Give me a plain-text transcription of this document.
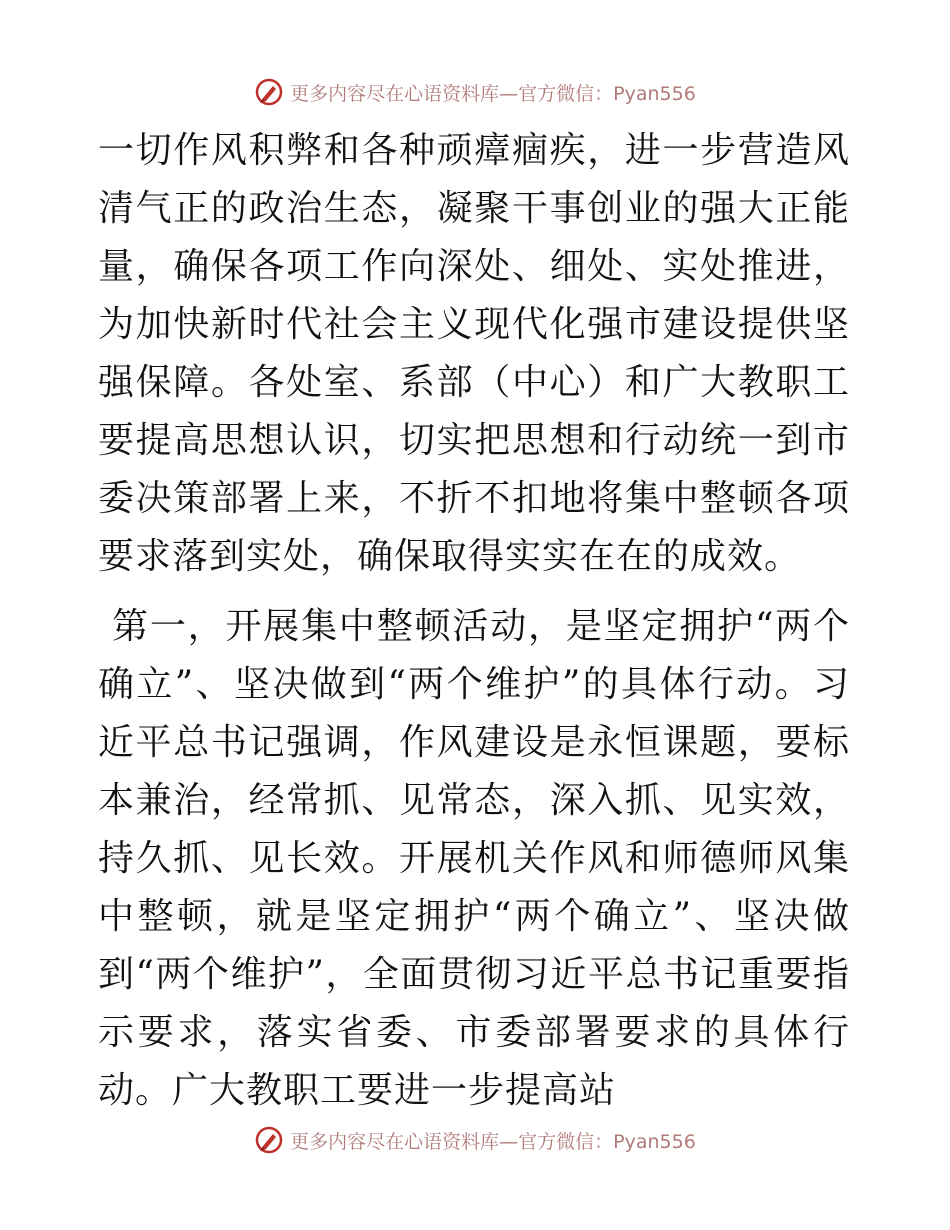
更多内容尽在心语资料库—官方微信：Pyan556

一切作风积弊和各种顽瘴痼疾，进一步营造风清气正的政治生态，凝聚干事创业的强大正能量，确保各项工作向深处、细处、实处推进，为加快新时代社会主义现代化强市建设提供坚强保障。各处室、系部（中心）和广大教职工要提高思想认识，切实把思想和行动统一到市委决策部署上来，不折不扣地将集中整顿各项要求落到实处，确保取得实实在在的成效。

第一，开展集中整顿活动，是坚定拥护“两个确立”、坚决做到“两个维护”的具体行动。习近平总书记强调，作风建设是永恒课题，要标本兼治，经常抓、见常态，深入抓、见实效，持久抓、见长效。开展机关作风和师德师风集中整顿，就是坚定拥护“两个确立”、坚决做到“两个维护”，全面贯彻习近平总书记重要指示要求，落实省委、市委部署要求的具体行动。广大教职工要进一步提高站

更多内容尽在心语资料库—官方微信：Pyan556
